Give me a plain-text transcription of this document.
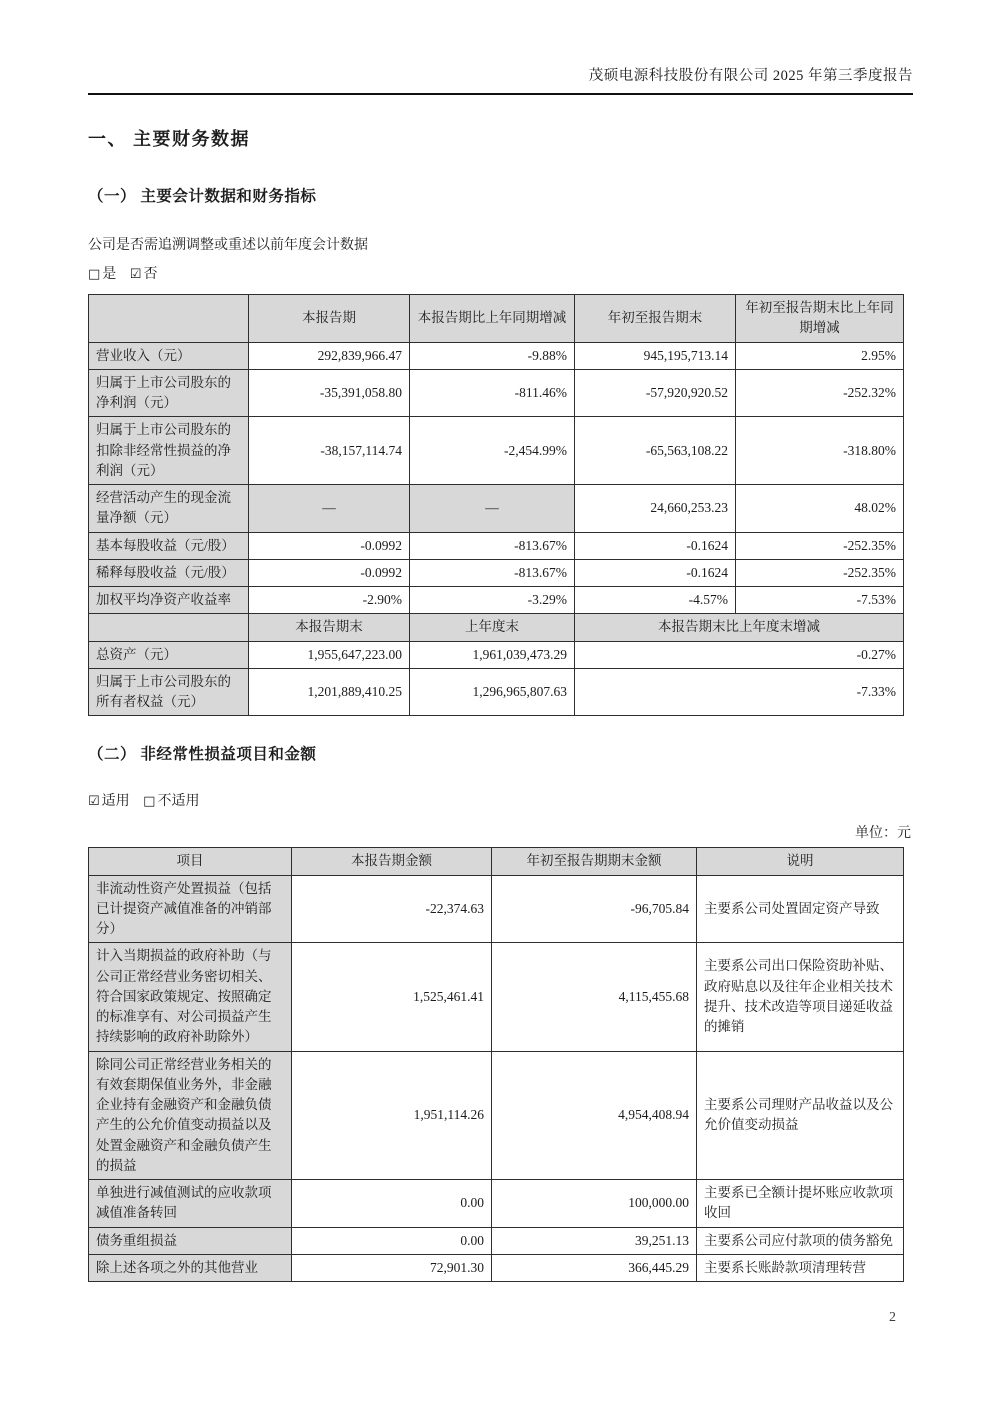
茂硕电源科技股份有限公司 2025 年第三季度报告
一、 主要财务数据
（一） 主要会计数据和财务指标
公司是否需追溯调整或重述以前年度会计数据
□ 是 ☑ 否
	本报告期	本报告期比上年同期增减	年初至报告期末	年初至报告期末比上年同期增减
营业收入（元）	292,839,966.47	-9.88%	945,195,713.14	2.95%
归属于上市公司股东的净利润（元）	-35,391,058.80	-811.46%	-57,920,920.52	-252.32%
归属于上市公司股东的扣除非经常性损益的净利润（元）	-38,157,114.74	-2,454.99%	-65,563,108.22	-318.80%
经营活动产生的现金流量净额（元）	—	—	24,660,253.23	48.02%
基本每股收益（元/股）	-0.0992	-813.67%	-0.1624	-252.35%
稀释每股收益（元/股）	-0.0992	-813.67%	-0.1624	-252.35%
加权平均净资产收益率	-2.90%	-3.29%	-4.57%	-7.53%
	本报告期末	上年度末	本报告期末比上年度末增减	
总资产（元）	1,955,647,223.00	1,961,039,473.29	-0.27%	
归属于上市公司股东的所有者权益（元）	1,201,889,410.25	1,296,965,807.63	-7.33%	
（二） 非经常性损益项目和金额
☑ 适用 □ 不适用
单位：元
项目	本报告期金额	年初至报告期期末金额	说明
非流动性资产处置损益（包括已计提资产减值准备的冲销部分）	-22,374.63	-96,705.84	主要系公司处置固定资产导致
计入当期损益的政府补助（与公司正常经营业务密切相关、符合国家政策规定、按照确定的标准享有、对公司损益产生持续影响的政府补助除外）	1,525,461.41	4,115,455.68	主要系公司出口保险资助补贴、政府贴息以及往年企业相关技术提升、技术改造等项目递延收益的摊销
除同公司正常经营业务相关的有效套期保值业务外，非金融企业持有金融资产和金融负债产生的公允价值变动损益以及处置金融资产和金融负债产生的损益	1,951,114.26	4,954,408.94	主要系公司理财产品收益以及公允价值变动损益
单独进行减值测试的应收款项减值准备转回	0.00	100,000.00	主要系已全额计提坏账应收款项收回
债务重组损益	0.00	39,251.13	主要系公司应付款项的债务豁免
除上述各项之外的其他营业	72,901.30	366,445.29	主要系长账龄款项清理转营
2
